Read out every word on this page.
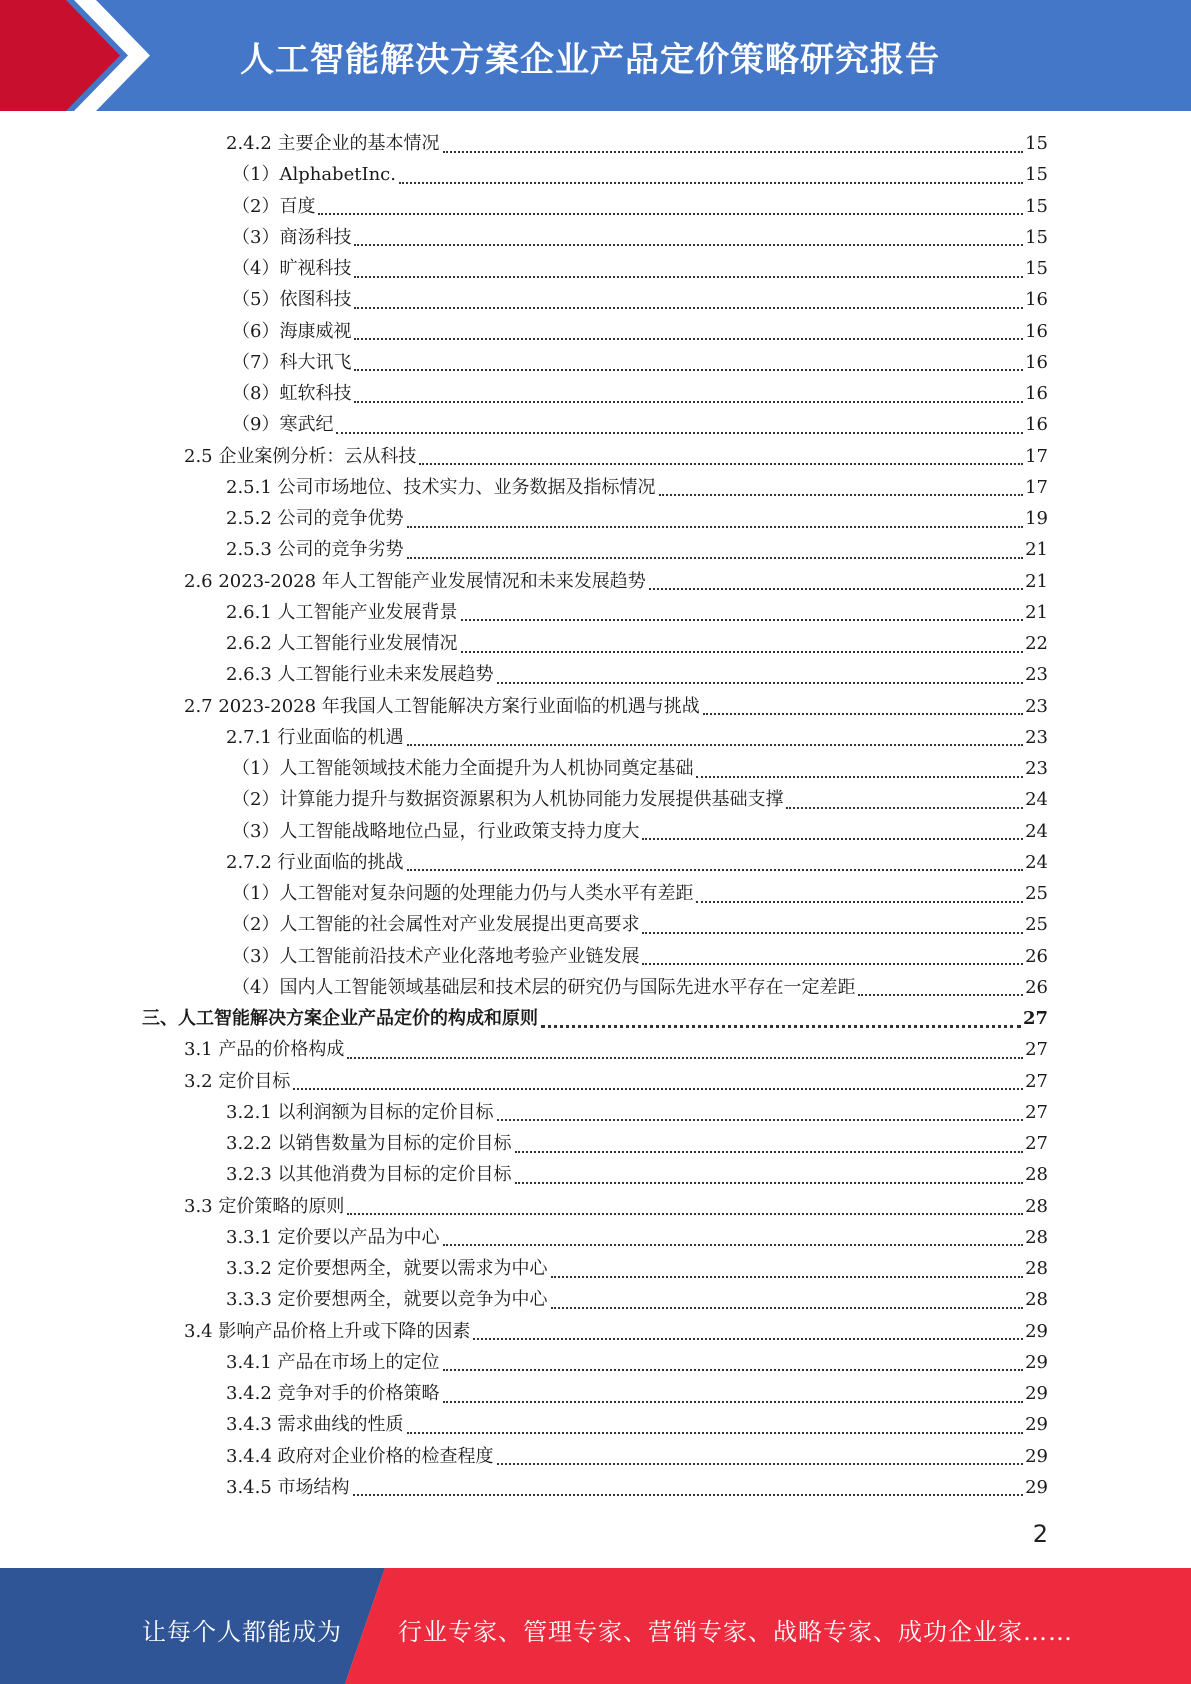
人工智能解决方案企业产品定价策略研究报告
2.4.2 主要企业的基本情况	15
（1）AlphabetInc.	15
（2）百度	15
（3）商汤科技	15
（4）旷视科技	15
（5）依图科技	16
（6）海康威视	16
（7）科大讯飞	16
（8）虹软科技	16
（9）寒武纪	16
2.5 企业案例分析：云从科技	17
2.5.1 公司市场地位、技术实力、业务数据及指标情况	17
2.5.2 公司的竞争优势	19
2.5.3 公司的竞争劣势	21
2.6 2023-2028 年人工智能产业发展情况和未来发展趋势	21
2.6.1 人工智能产业发展背景	21
2.6.2 人工智能行业发展情况	22
2.6.3 人工智能行业未来发展趋势	23
2.7 2023-2028 年我国人工智能解决方案行业面临的机遇与挑战	23
2.7.1 行业面临的机遇	23
（1）人工智能领域技术能力全面提升为人机协同奠定基础	23
（2）计算能力提升与数据资源累积为人机协同能力发展提供基础支撑	24
（3）人工智能战略地位凸显，行业政策支持力度大	24
2.7.2 行业面临的挑战	24
（1）人工智能对复杂问题的处理能力仍与人类水平有差距	25
（2）人工智能的社会属性对产业发展提出更高要求	25
（3）人工智能前沿技术产业化落地考验产业链发展	26
（4）国内人工智能领域基础层和技术层的研究仍与国际先进水平存在一定差距	26
三、人工智能解决方案企业产品定价的构成和原则	27
3.1 产品的价格构成	27
3.2 定价目标	27
3.2.1 以利润额为目标的定价目标	27
3.2.2 以销售数量为目标的定价目标	27
3.2.3 以其他消费为目标的定价目标	28
3.3 定价策略的原则	28
3.3.1 定价要以产品为中心	28
3.3.2 定价要想两全，就要以需求为中心	28
3.3.3 定价要想两全，就要以竞争为中心	28
3.4 影响产品价格上升或下降的因素	29
3.4.1 产品在市场上的定位	29
3.4.2 竞争对手的价格策略	29
3.4.3 需求曲线的性质	29
3.4.4 政府对企业价格的检查程度	29
3.4.5 市场结构	29
2
让每个人都能成为 行业专家、管理专家、营销专家、战略专家、成功企业家……
